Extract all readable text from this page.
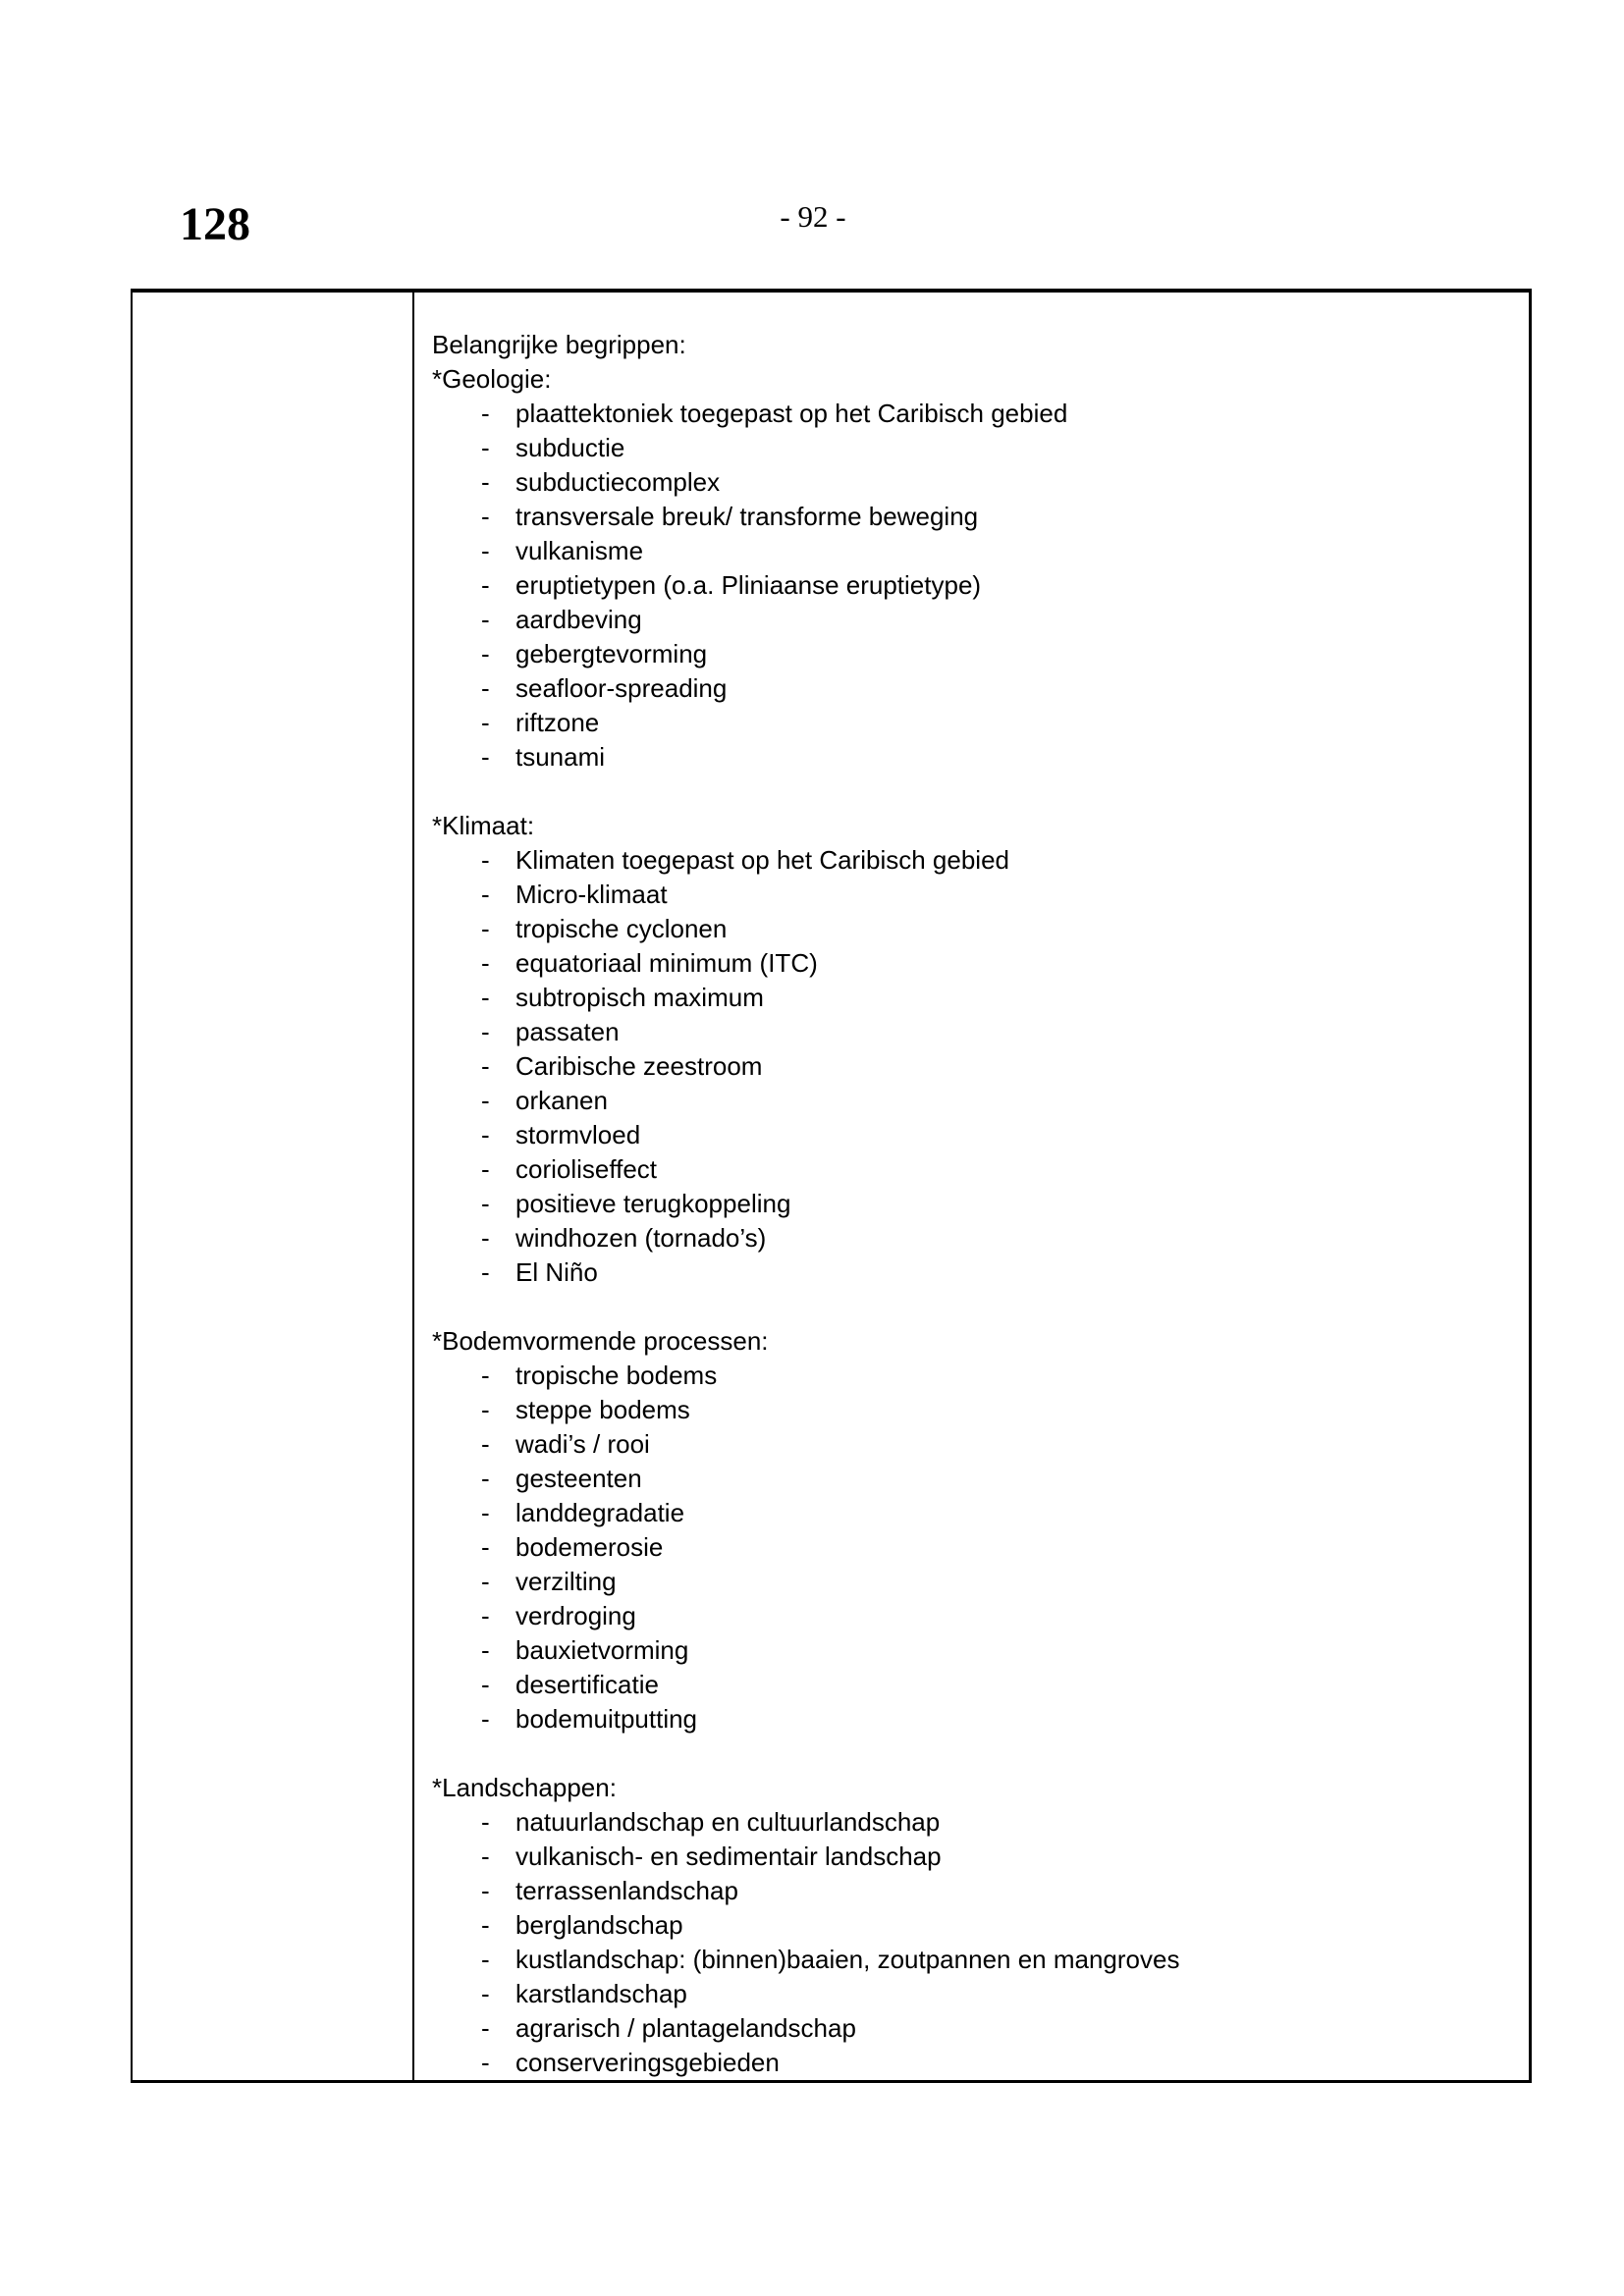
128	- 92 -
Belangrijke begrippen:
*Geologie:
- plaattektoniek toegepast op het Caribisch gebied
- subductie
- subductiecomplex
- transversale breuk/ transforme beweging
- vulkanisme
- eruptietypen (o.a. Pliniaanse eruptietype)
- aardbeving
- gebergtevorming
- seafloor-spreading
- riftzone
- tsunami
*Klimaat:
- Klimaten toegepast op het Caribisch gebied
- Micro-klimaat
- tropische cyclonen
- equatoriaal minimum (ITC)
- subtropisch maximum
- passaten
- Caribische zeestroom
- orkanen
- stormvloed
- corioliseffect
- positieve terugkoppeling
- windhozen (tornado’s)
- El Niño
*Bodemvormende processen:
- tropische bodems
- steppe bodems
- wadi’s / rooi
- gesteenten
- landdegradatie
- bodemerosie
- verzilting
- verdroging
- bauxietvorming
- desertificatie
- bodemuitputting
*Landschappen:
- natuurlandschap en cultuurlandschap
- vulkanisch- en sedimentair landschap
- terrassenlandschap
- berglandschap
- kustlandschap: (binnen)baaien, zoutpannen en mangroves
- karstlandschap
- agrarisch / plantagelandschap
- conserveringsgebieden
